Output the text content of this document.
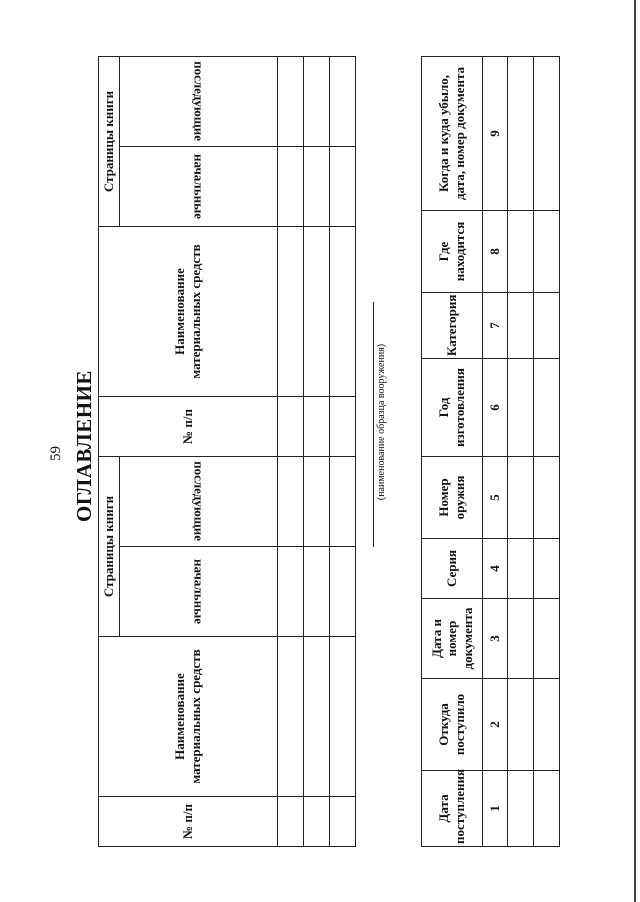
59 ОГЛАВЛЕНИЕ
№ п/п	Наименование материальных средств	Страницы книги		№ п/п	Наименование материальных средств	Страницы книги	
		начальные	последующие			начальные	последующие

(наименование образца вооружения)
Дата поступления	Откуда поступило	Дата и номер документа	Серия	Номер оружия	Год изготовления	Категория	Где находится	Когда и куда убыло, дата, номер документа
1	2	3	4	5	6	7	8	9
